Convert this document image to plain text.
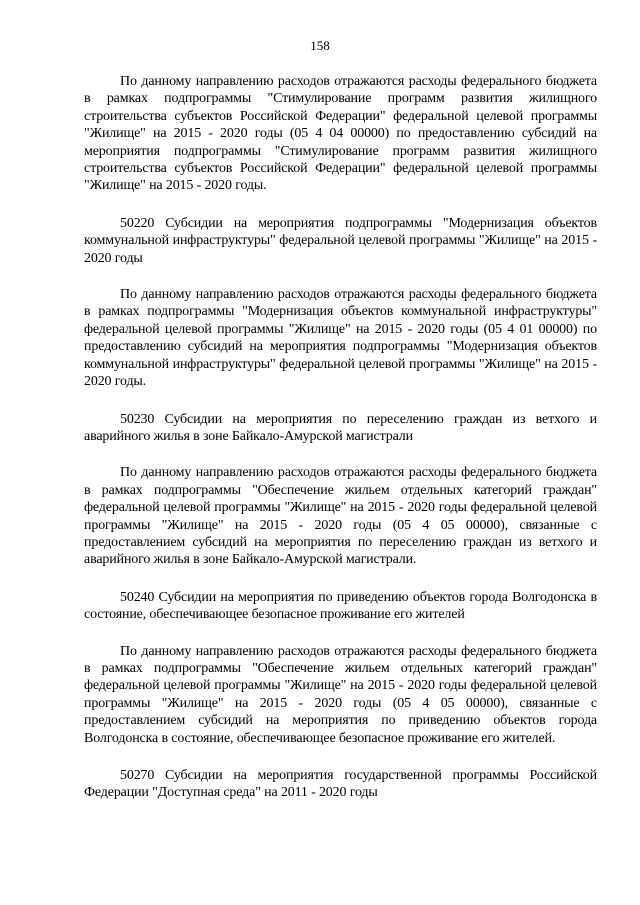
158

По данному направлению расходов отражаются расходы федерального бюджета в рамках подпрограммы "Стимулирование программ развития жилищного строительства субъектов Российской Федерации" федеральной целевой программы "Жилище" на 2015 - 2020 годы (05 4 04 00000) по предоставлению субсидий на мероприятия подпрограммы "Стимулирование программ развития жилищного строительства субъектов Российской Федерации" федеральной целевой программы "Жилище" на 2015 - 2020 годы.

50220 Субсидии на мероприятия подпрограммы "Модернизация объектов коммунальной инфраструктуры" федеральной целевой программы "Жилище" на 2015 - 2020 годы

По данному направлению расходов отражаются расходы федерального бюджета в рамках подпрограммы "Модернизация объектов коммунальной инфраструктуры" федеральной целевой программы "Жилище" на 2015 - 2020 годы (05 4 01 00000) по предоставлению субсидий на мероприятия подпрограммы "Модернизация объектов коммунальной инфраструктуры" федеральной целевой программы "Жилище" на 2015 - 2020 годы.

50230 Субсидии на мероприятия по переселению граждан из ветхого и аварийного жилья в зоне Байкало-Амурской магистрали

По данному направлению расходов отражаются расходы федерального бюджета в рамках подпрограммы "Обеспечение жильем отдельных категорий граждан" федеральной целевой программы "Жилище" на 2015 - 2020 годы федеральной целевой программы "Жилище" на 2015 - 2020 годы (05 4 05 00000), связанные с предоставлением субсидий на мероприятия по переселению граждан из ветхого и аварийного жилья в зоне Байкало-Амурской магистрали.

50240 Субсидии на мероприятия по приведению объектов города Волгодонска в состояние, обеспечивающее безопасное проживание его жителей

По данному направлению расходов отражаются расходы федерального бюджета в рамках подпрограммы "Обеспечение жильем отдельных категорий граждан" федеральной целевой программы "Жилище" на 2015 - 2020 годы федеральной целевой программы "Жилище" на 2015 - 2020 годы (05 4 05 00000), связанные с предоставлением субсидий на мероприятия по приведению объектов города Волгодонска в состояние, обеспечивающее безопасное проживание его жителей.

50270 Субсидии на мероприятия государственной программы Российской Федерации "Доступная среда" на 2011 - 2020 годы
